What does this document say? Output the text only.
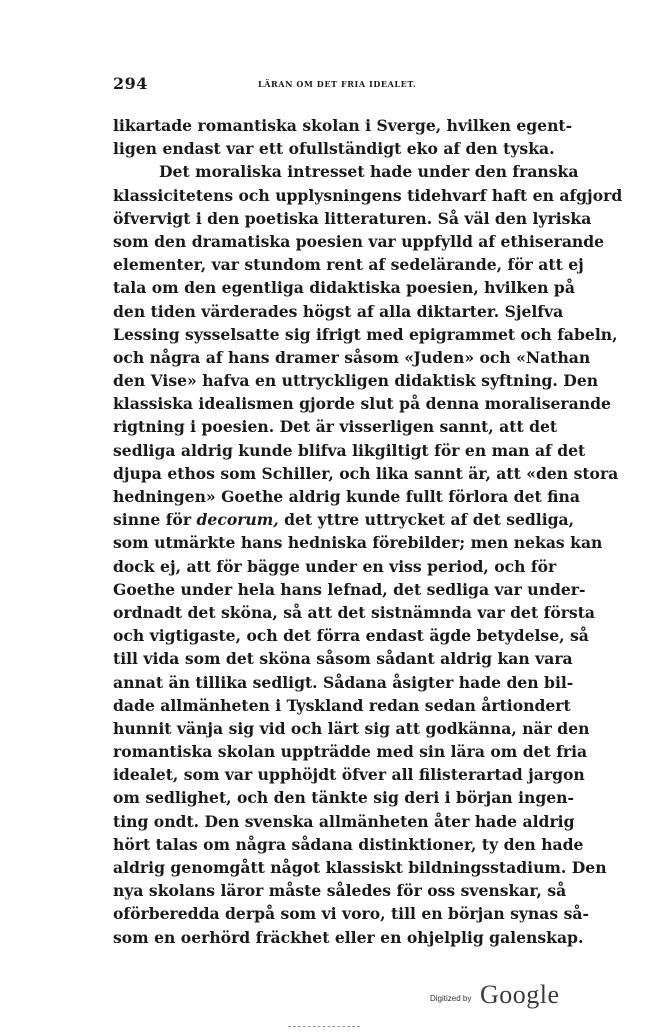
294	LÄRAN OM DET FRIA IDEALET.
likartade romantiska skolan i Sverge, hvilken egent-
ligen endast var ett ofullständigt eko af den tyska.
Det moraliska intresset hade under den franska
klassicitetens och upplysningens tidehvarf haft en afgjord
öfvervigt i den poetiska litteraturen. Så väl den lyriska
som den dramatiska poesien var uppfylld af ethiserande
elementer, var stundom rent af sedelärande, för att ej
tala om den egentliga didaktiska poesien, hvilken på
den tiden värderades högst af alla diktarter. Sjelfva
Lessing sysselsatte sig ifrigt med epigrammet och fabeln,
och några af hans dramer såsom «Juden» och «Nathan
den Vise» hafva en uttryckligen didaktisk syftning. Den
klassiska idealismen gjorde slut på denna moraliserande
rigtning i poesien. Det är visserligen sannt, att det
sedliga aldrig kunde blifva likgiltigt för en man af det
djupa ethos som Schiller, och lika sannt är, att «den stora
hedningen» Goethe aldrig kunde fullt förlora det fina
sinne för decorum, det yttre uttrycket af det sedliga,
som utmärkte hans hedniska förebilder; men nekas kan
dock ej, att för bägge under en viss period, och för
Goethe under hela hans lefnad, det sedliga var under-
ordnadt det sköna, så att det sistnämnda var det första
och vigtigaste, och det förra endast ägde betydelse, så
till vida som det sköna såsom sådant aldrig kan vara
annat än tillika sedligt. Sådana åsigter hade den bil-
dade allmänheten i Tyskland redan sedan årtiondert
hunnit vänja sig vid och lärt sig att godkänna, när den
romantiska skolan uppträdde med sin lära om det fria
idealet, som var upphöjdt öfver all filisterartad jargon
om sedlighet, och den tänkte sig deri i början ingen-
ting ondt. Den svenska allmänheten åter hade aldrig
hört talas om några sådana distinktioner, ty den hade
aldrig genomgått något klassiskt bildningsstadium. Den
nya skolans läror måste således för oss svenskar, så
oförberedda derpå som vi voro, till en början synas så-
som en oerhörd fräckhet eller en ohjelplig galenskap.
Digitized by Google
